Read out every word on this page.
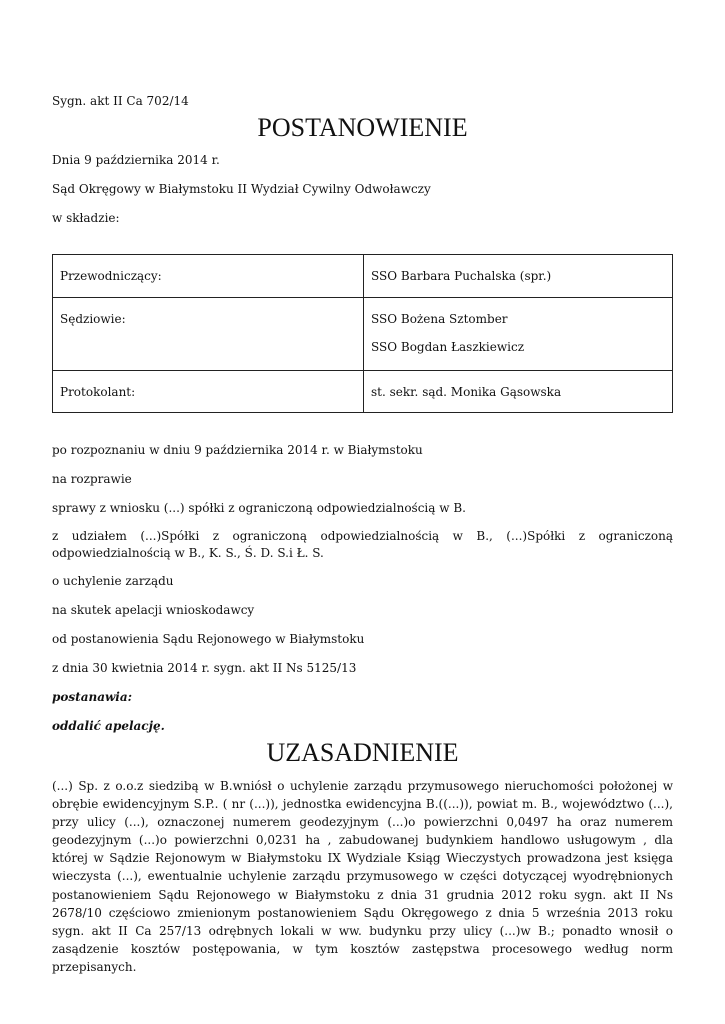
Sygn. akt II Ca 702/14
POSTANOWIENIE
Dnia 9 października 2014 r.
Sąd Okręgowy w Białymstoku II Wydział Cywilny Odwoławczy
w składzie:
Przewodniczący:	SSO Barbara Puchalska (spr.)

Sędziowie:	SSO Bożena Sztomber
SSO Bogdan Łaszkiewicz

Protokolant:	st. sekr. sąd. Monika Gąsowska
po rozpoznaniu w dniu 9 października 2014 r. w Białymstoku
na rozprawie
sprawy z wniosku (...) spółki z ograniczoną odpowiedzialnością w B.
z udziałem (...)Spółki z ograniczoną odpowiedzialnością w B., (...)Spółki z ograniczoną odpowiedzialnością w B., K. S., Ś. D. S.i Ł. S.
o uchylenie zarządu
na skutek apelacji wnioskodawcy
od postanowienia Sądu Rejonowego w Białymstoku
z dnia 30 kwietnia 2014 r. sygn. akt II Ns 5125/13
postanawia:
oddalić apelację.
UZASADNIENIE
(...) Sp. z o.o.z siedzibą w B.wniósł o uchylenie zarządu przymusowego nieruchomości położonej w obrębie ewidencyjnym S.P.. ( nr (...)), jednostka ewidencyjna B.((...)), powiat m. B., województwo (...), przy ulicy (...), oznaczonej numerem geodezyjnym (...)o powierzchni 0,0497 ha oraz numerem geodezyjnym (...)o powierzchni 0,0231 ha , zabudowanej budynkiem handlowo usługowym , dla której w Sądzie Rejonowym w Białymstoku IX Wydziale Ksiąg Wieczystych prowadzona jest księga wieczysta (...), ewentualnie uchylenie zarządu przymusowego w części dotyczącej wyodrębnionych postanowieniem Sądu Rejonowego w Białymstoku z dnia 31 grudnia 2012 roku sygn. akt II Ns 2678/10 częściowo zmienionym postanowieniem Sądu Okręgowego z dnia 5 września 2013 roku sygn. akt II Ca 257/13 odrębnych lokali w ww. budynku przy ulicy (...)w B.; ponadto wnosił o zasądzenie kosztów postępowania, w tym kosztów zastępstwa procesowego według norm przepisanych.
